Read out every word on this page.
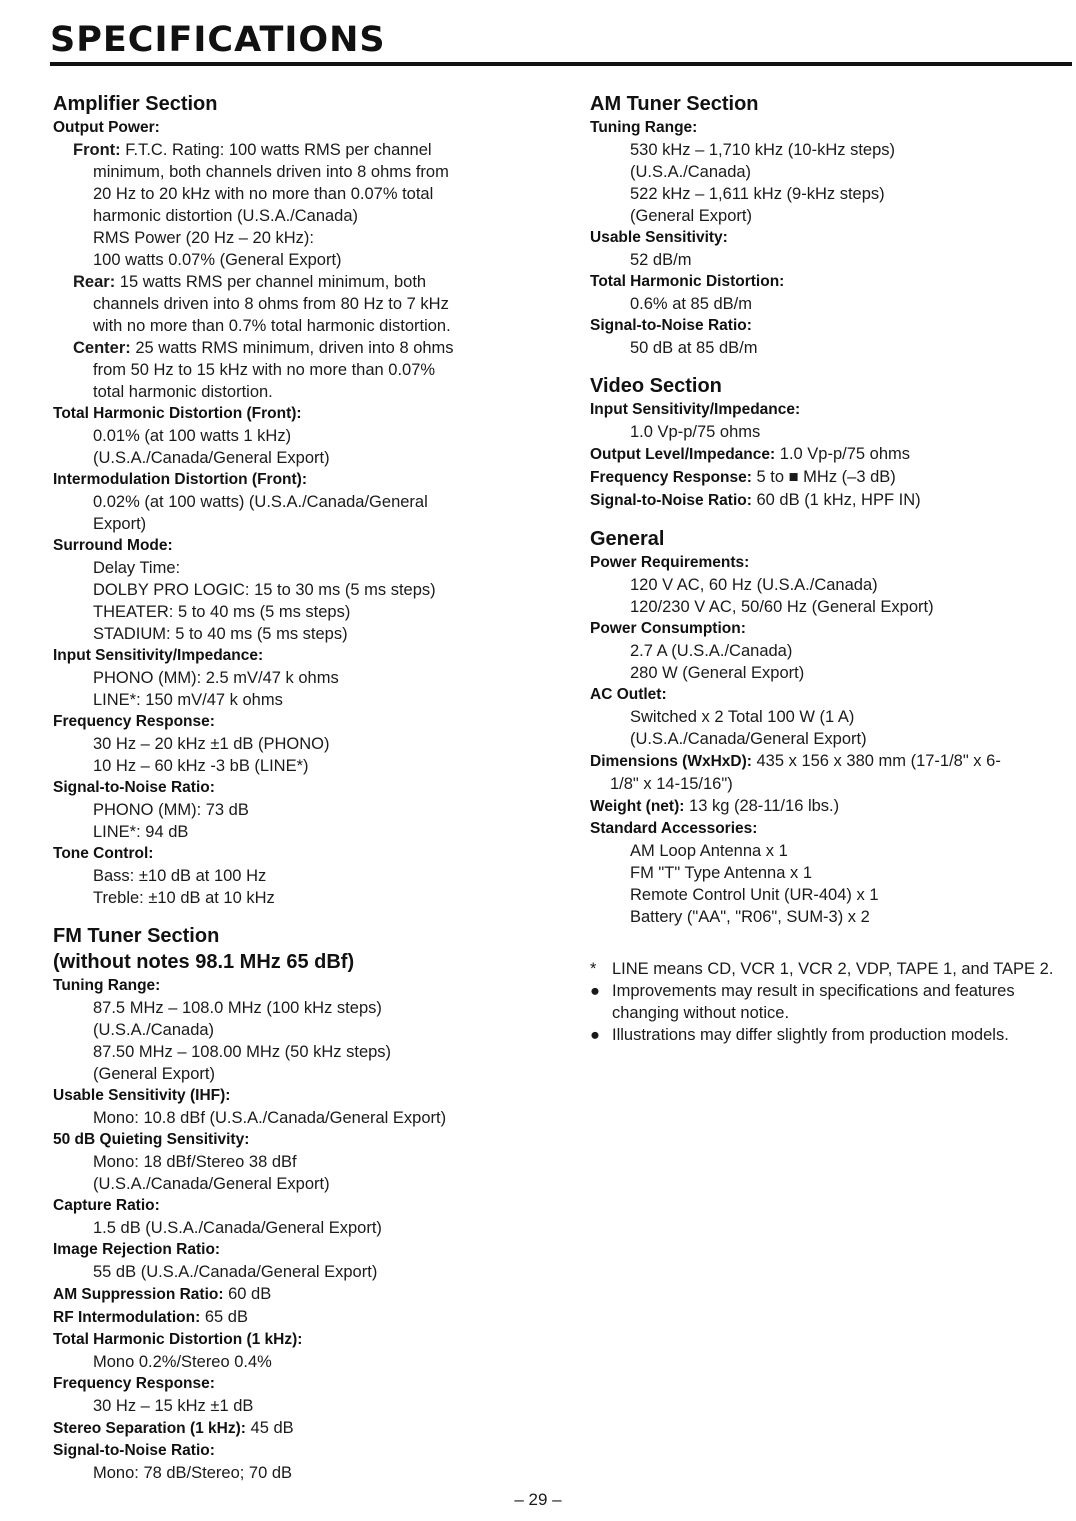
SPECIFICATIONS
Amplifier Section
Output Power:
Front: F.T.C. Rating: 100 watts RMS per channel
minimum, both channels driven into 8 ohms from
20 Hz to 20 kHz with no more than 0.07% total
harmonic distortion (U.S.A./Canada)
RMS Power (20 Hz – 20 kHz):
100 watts 0.07% (General Export)
Rear: 15 watts RMS per channel minimum, both
channels driven into 8 ohms from 80 Hz to 7 kHz
with no more than 0.7% total harmonic distortion.
Center: 25 watts RMS minimum, driven into 8 ohms
from 50 Hz to 15 kHz with no more than 0.07%
total harmonic distortion.
Total Harmonic Distortion (Front):
0.01% (at 100 watts 1 kHz)
(U.S.A./Canada/General Export)
Intermodulation Distortion (Front):
0.02% (at 100 watts) (U.S.A./Canada/General
Export)
Surround Mode:
Delay Time:
DOLBY PRO LOGIC: 15 to 30 ms (5 ms steps)
THEATER: 5 to 40 ms (5 ms steps)
STADIUM: 5 to 40 ms (5 ms steps)
Input Sensitivity/Impedance:
PHONO (MM): 2.5 mV/47 k ohms
LINE*: 150 mV/47 k ohms
Frequency Response:
30 Hz – 20 kHz ±1 dB (PHONO)
10 Hz – 60 kHz -3 bB (LINE*)
Signal-to-Noise Ratio:
PHONO (MM): 73 dB
LINE*: 94 dB
Tone Control:
Bass: ±10 dB at 100 Hz
Treble: ±10 dB at 10 kHz
FM Tuner Section
(without notes 98.1 MHz 65 dBf)
Tuning Range:
87.5 MHz – 108.0 MHz (100 kHz steps)
(U.S.A./Canada)
87.50 MHz – 108.00 MHz (50 kHz steps)
(General Export)
Usable Sensitivity (IHF):
Mono: 10.8 dBf (U.S.A./Canada/General Export)
50 dB Quieting Sensitivity:
Mono: 18 dBf/Stereo 38 dBf
(U.S.A./Canada/General Export)
Capture Ratio:
1.5 dB (U.S.A./Canada/General Export)
Image Rejection Ratio:
55 dB (U.S.A./Canada/General Export)
AM Suppression Ratio: 60 dB
RF Intermodulation: 65 dB
Total Harmonic Distortion (1 kHz):
Mono 0.2%/Stereo 0.4%
Frequency Response:
30 Hz – 15 kHz ±1 dB
Stereo Separation (1 kHz): 45 dB
Signal-to-Noise Ratio:
Mono: 78 dB/Stereo; 70 dB
AM Tuner Section
Tuning Range:
530 kHz – 1,710 kHz (10-kHz steps)
(U.S.A./Canada)
522 kHz – 1,611 kHz (9-kHz steps)
(General Export)
Usable Sensitivity:
52 dB/m
Total Harmonic Distortion:
0.6% at 85 dB/m
Signal-to-Noise Ratio:
50 dB at 85 dB/m
Video Section
Input Sensitivity/Impedance:
1.0 Vp-p/75 ohms
Output Level/Impedance: 1.0 Vp-p/75 ohms
Frequency Response: 5 to ■ MHz (–3 dB)
Signal-to-Noise Ratio: 60 dB (1 kHz, HPF IN)
General
Power Requirements:
120 V AC, 60 Hz (U.S.A./Canada)
120/230 V AC, 50/60 Hz (General Export)
Power Consumption:
2.7 A (U.S.A./Canada)
280 W (General Export)
AC Outlet:
Switched x 2 Total 100 W (1 A)
(U.S.A./Canada/General Export)
Dimensions (WxHxD): 435 x 156 x 380 mm (17-1/8" x 6-
1/8" x 14-15/16")
Weight (net): 13 kg (28-11/16 lbs.)
Standard Accessories:
AM Loop Antenna x 1
FM "T" Type Antenna x 1
Remote Control Unit (UR-404) x 1
Battery ("AA", "R06", SUM-3) x 2
* LINE means CD, VCR 1, VCR 2, VDP, TAPE 1, and TAPE 2.
● Improvements may result in specifications and features changing without notice.
● Illustrations may differ slightly from production models.
– 29 –
